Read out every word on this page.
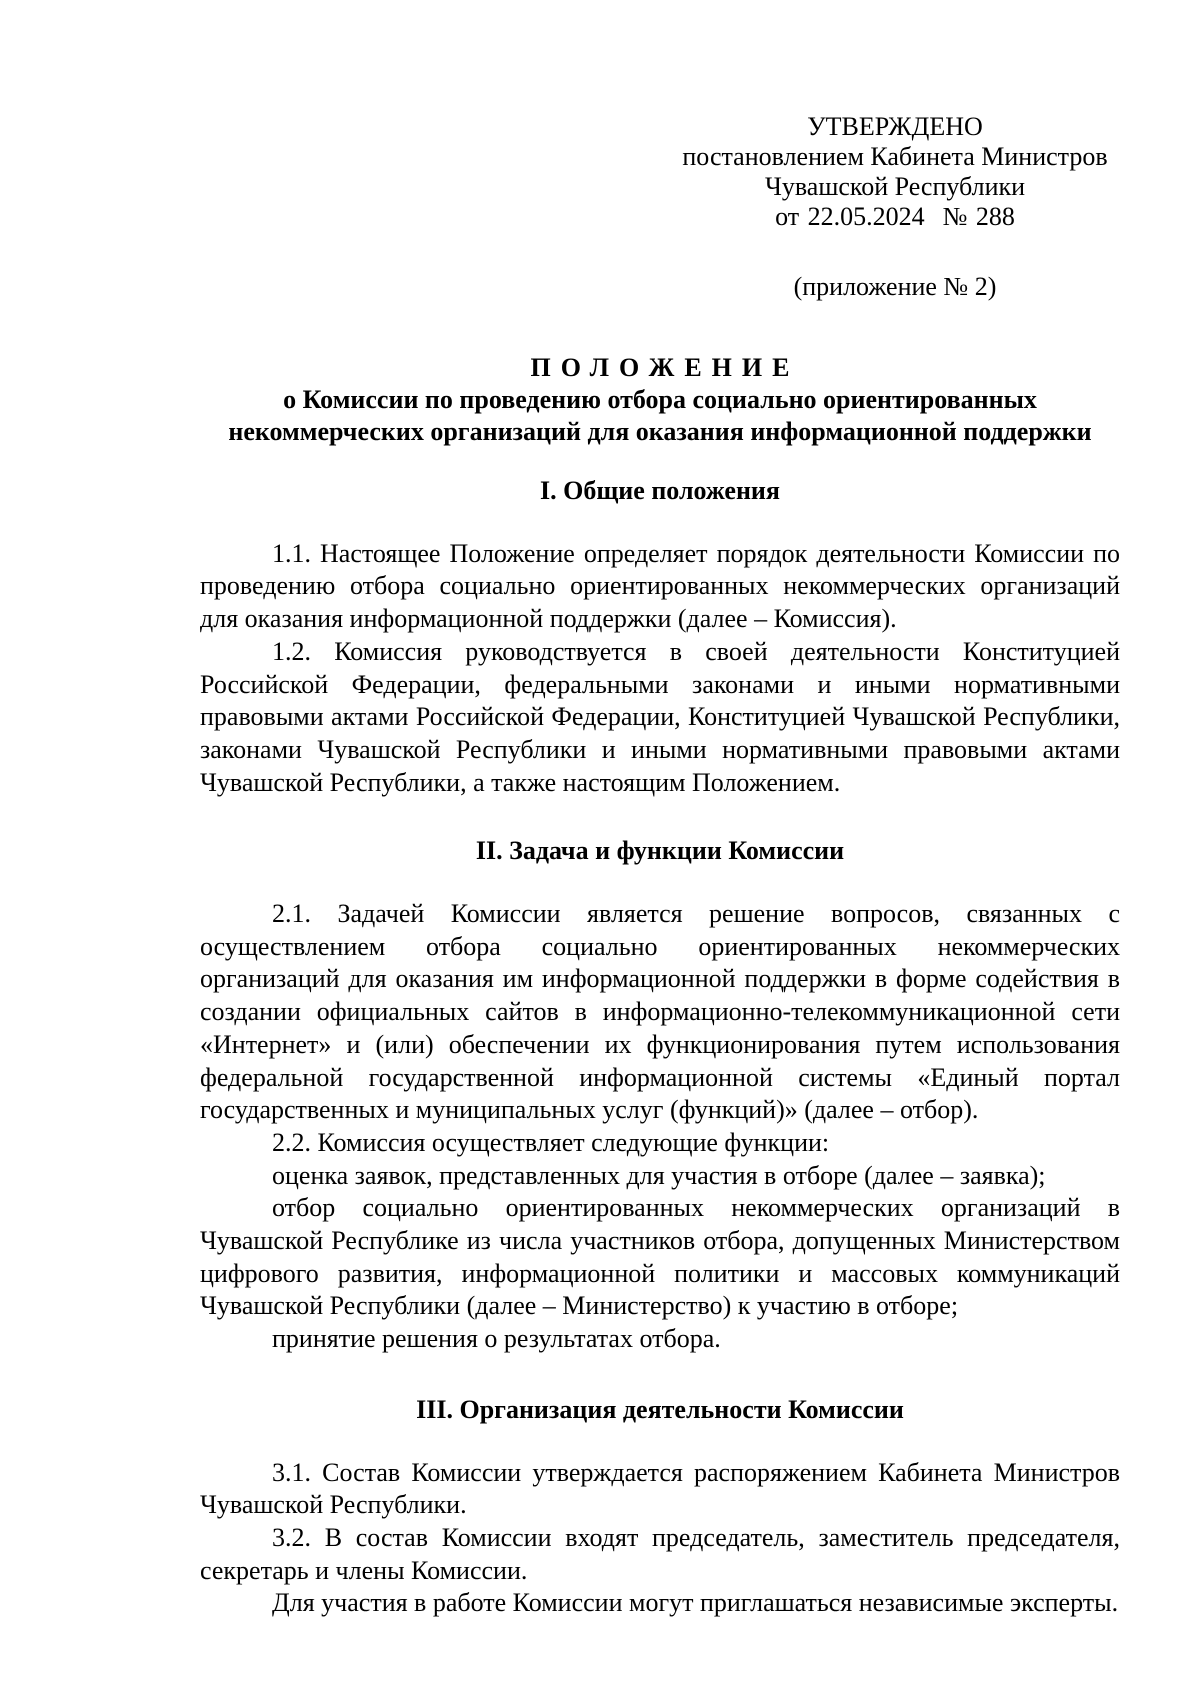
УТВЕРЖДЕНО
постановлением Кабинета Министров
Чувашской Республики
от 22.05.2024 № 288
(приложение № 2)
ПОЛОЖЕНИЕ
о Комиссии по проведению отбора социально ориентированных
некоммерческих организаций для оказания информационной поддержки

I. Общие положения

1.1. Настоящее Положение определяет порядок деятельности Комиссии по проведению отбора социально ориентированных некоммерческих организаций для оказания информационной поддержки (далее – Комиссия).

1.2. Комиссия руководствуется в своей деятельности Конституцией Российской Федерации, федеральными законами и иными нормативными правовыми актами Российской Федерации, Конституцией Чувашской Республики, законами Чувашской Республики и иными нормативными правовыми актами Чувашской Республики, а также настоящим Положением.

II. Задача и функции Комиссии

2.1. Задачей Комиссии является решение вопросов, связанных с осуществлением отбора социально ориентированных некоммерческих организаций для оказания им информационной поддержки в форме содействия в создании официальных сайтов в информационно-телекоммуникационной сети «Интернет» и (или) обеспечении их функционирования путем использования федеральной государственной информационной системы «Единый портал государственных и муниципальных услуг (функций)» (далее – отбор).

2.2. Комиссия осуществляет следующие функции:

оценка заявок, представленных для участия в отборе (далее – заявка);

отбор социально ориентированных некоммерческих организаций в Чувашской Республике из числа участников отбора, допущенных Министерством цифрового развития, информационной политики и массовых коммуникаций Чувашской Республики (далее – Министерство) к участию в отборе;

принятие решения о результатах отбора.

III. Организация деятельности Комиссии

3.1. Состав Комиссии утверждается распоряжением Кабинета Министров Чувашской Республики.

3.2. В состав Комиссии входят председатель, заместитель председателя, секретарь и члены Комиссии.

Для участия в работе Комиссии могут приглашаться независимые эксперты.
